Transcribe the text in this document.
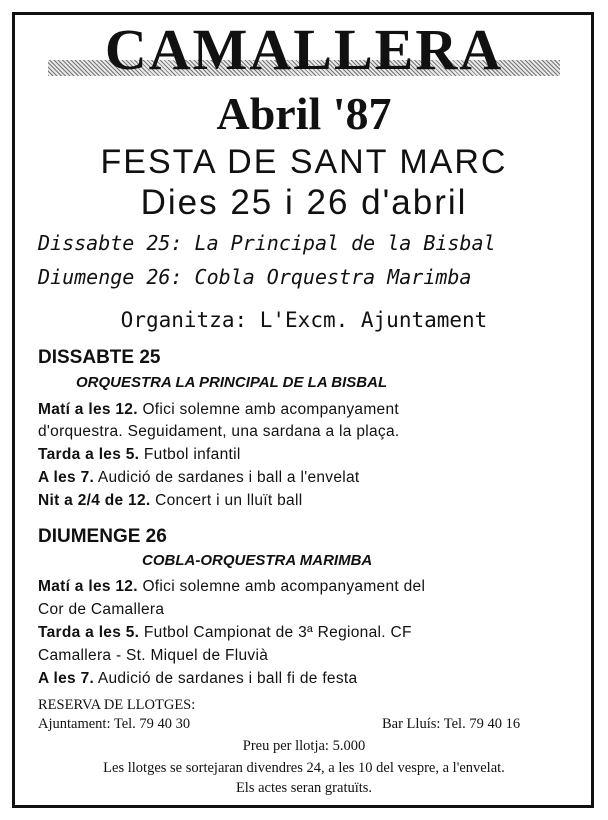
CAMALLERA
Abril '87
FESTA DE SANT MARC
Dies 25 i 26 d'abril
Dissabte 25: La Principal de la Bisbal
Diumenge 26: Cobla Orquestra Marimba
Organitza: L'Excm. Ajuntament
DISSABTE 25
ORQUESTRA LA PRINCIPAL DE LA BISBAL
Matí a les 12. Ofici solemne amb acompanyament
d'orquestra. Seguidament, una sardana a la plaça.
Tarda a les 5. Futbol infantil
A les 7. Audició de sardanes i ball a l'envelat
Nit a 2/4 de 12. Concert i un lluït ball
DIUMENGE 26
COBLA-ORQUESTRA MARIMBA
Matí a les 12. Ofici solemne amb acompanyament del
Cor de Camallera
Tarda a les 5. Futbol Campionat de 3ª Regional. CF
Camallera - St. Miquel de Fluvià
A les 7. Audició de sardanes i ball fi de festa
RESERVA DE LLOTGES:
Ajuntament: Tel. 79 40 30	Bar Lluís: Tel. 79 40 16
Preu per llotja: 5.000
Les llotges se sortejaran divendres 24, a les 10 del vespre, a l'envelat.
Els actes seran gratuïts.
